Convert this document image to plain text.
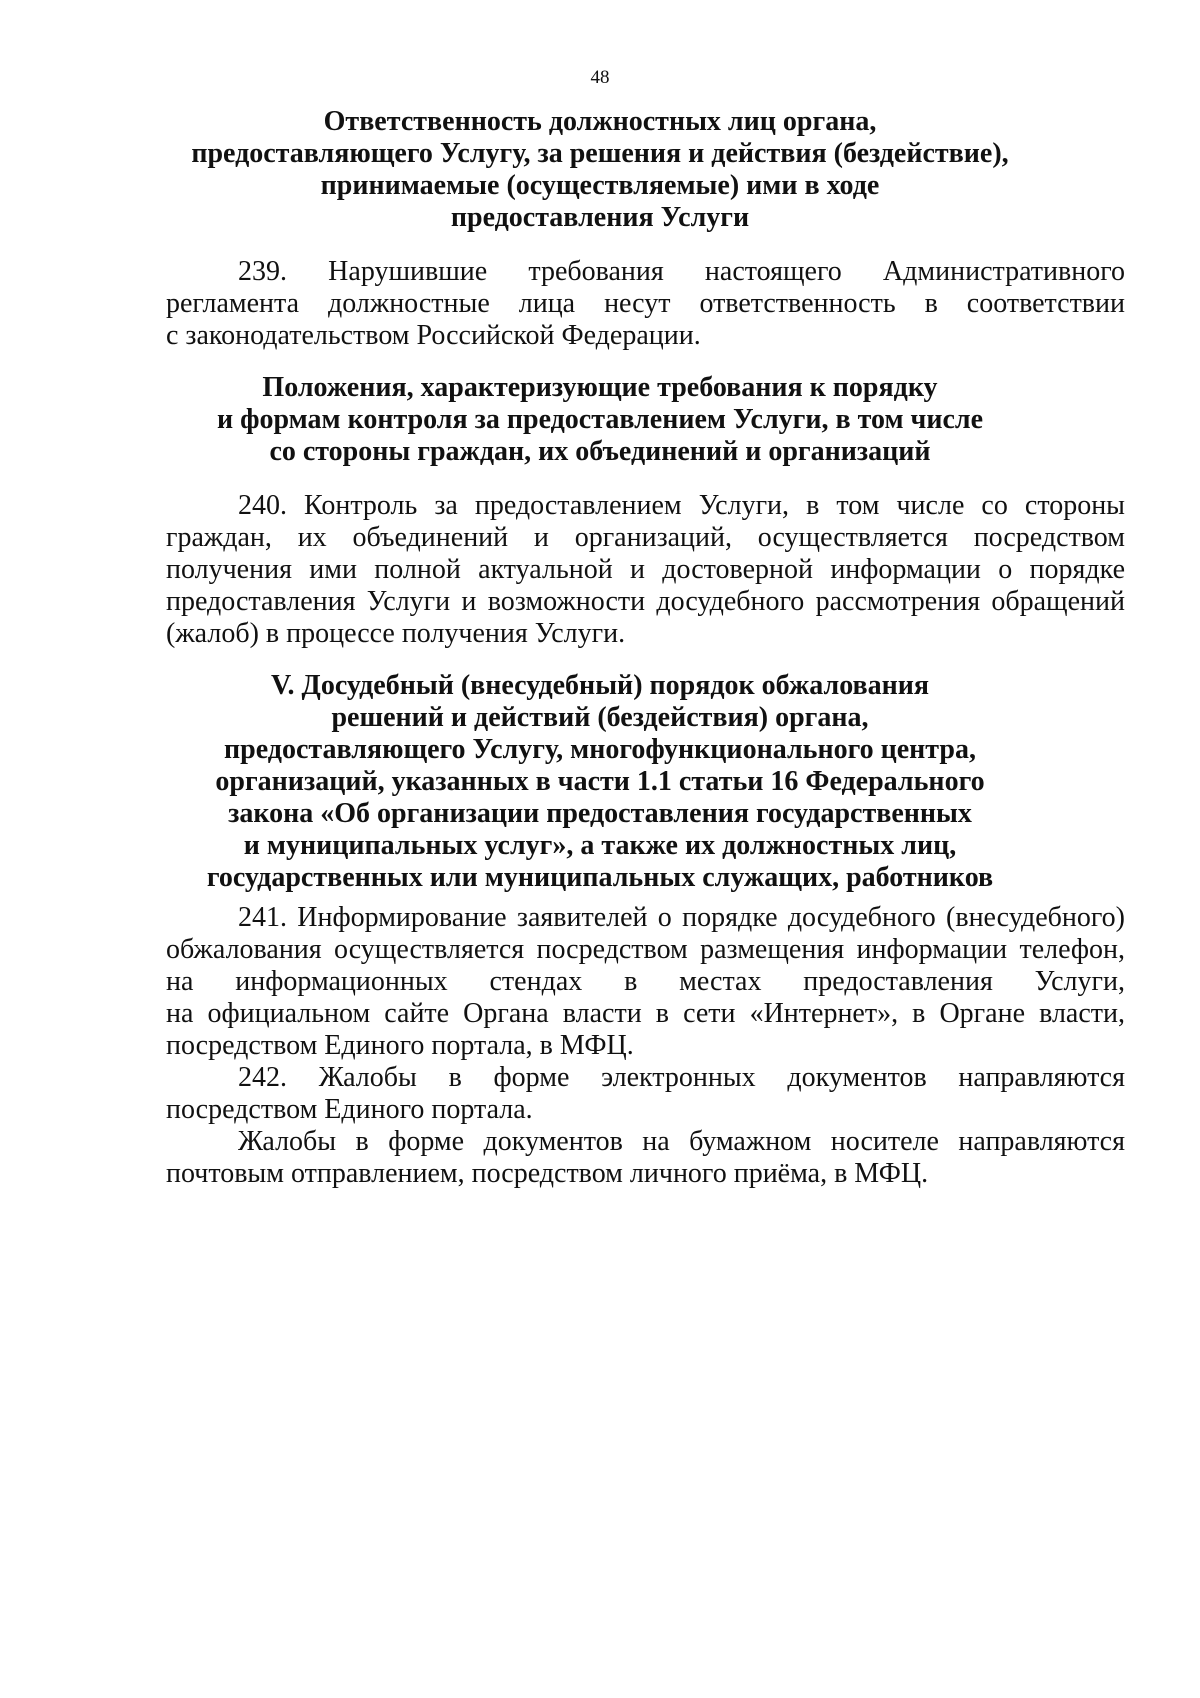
48
Ответственность должностных лиц органа,
предоставляющего Услугу, за решения и действия (бездействие),
принимаемые (осуществляемые) ими в ходе
предоставления Услуги
239. Нарушившие требования настоящего Административного
регламента должностные лица несут ответственность в соответствии
с законодательством Российской Федерации.
Положения, характеризующие требования к порядку
и формам контроля за предоставлением Услуги, в том числе
со стороны граждан, их объединений и организаций
240. Контроль за предоставлением Услуги, в том числе со стороны
граждан, их объединений и организаций, осуществляется посредством
получения ими полной актуальной и достоверной информации о порядке
предоставления Услуги и возможности досудебного рассмотрения обращений
(жалоб) в процессе получения Услуги.
V. Досудебный (внесудебный) порядок обжалования
решений и действий (бездействия) органа,
предоставляющего Услугу, многофункционального центра,
организаций, указанных в части 1.1 статьи 16 Федерального
закона «Об организации предоставления государственных
и муниципальных услуг», а также их должностных лиц,
государственных или муниципальных служащих, работников
241. Информирование заявителей о порядке досудебного (внесудебного)
обжалования осуществляется посредством размещения информации телефон,
на информационных стендах в местах предоставления Услуги,
на официальном сайте Органа власти в сети «Интернет», в Органе власти,
посредством Единого портала, в МФЦ.
242. Жалобы в форме электронных документов направляются
посредством Единого портала.
Жалобы в форме документов на бумажном носителе направляются
почтовым отправлением, посредством личного приёма, в МФЦ.
